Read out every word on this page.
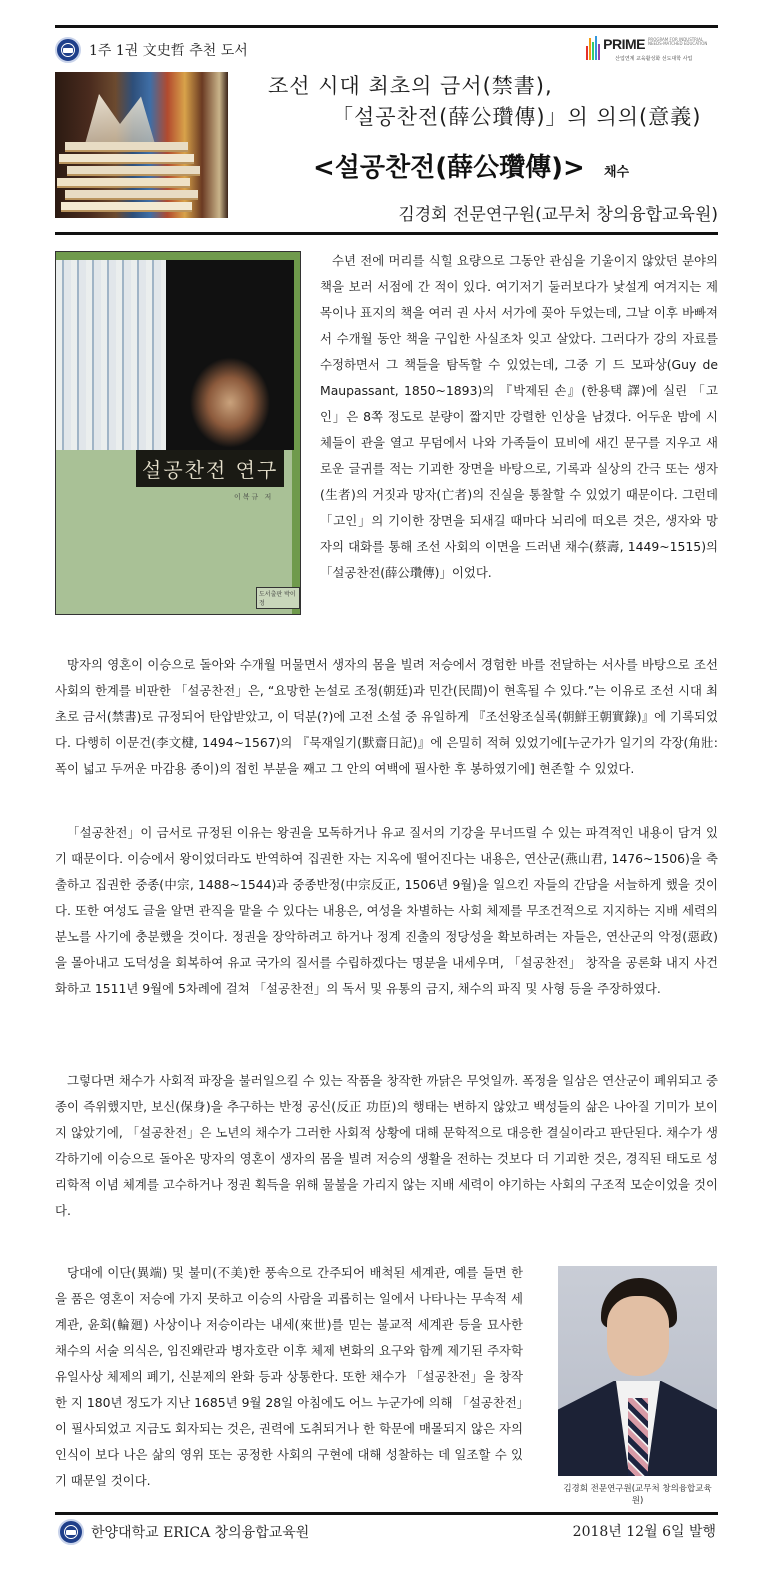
1주 1권 文史哲 추천 도서	PRIME
산업연계 교육활성화 선도대학 사업
PROGRAM FOR INDUSTRIAL NEEDS-MATCHED EDUCATION
조선 시대 최초의 금서(禁書),
「설공찬전(薛公瓚傳)」의 의의(意義)
<설공찬전(薛公瓚傳)> 채수
김경회 전문연구원(교무처 창의융합교육원)
설공찬전 연구
이복규 저
도서출판 박이정

수년 전에 머리를 식힐 요량으로 그동안 관심을 기울이지 않았던 분야의 책을 보러 서점에 간 적이 있다. 여기저기 둘러보다가 낯설게 여겨지는 제목이나 표지의 책을 여러 권 사서 서가에 꽂아 두었는데, 그날 이후 바빠져서 수개월 동안 책을 구입한 사실조차 잊고 살았다. 그러다가 강의 자료를 수정하면서 그 책들을 탐독할 수 있었는데, 그중 기 드 모파상(Guy de Maupassant, 1850~1893)의 『박제된 손』(한용택 譯)에 실린 「고인」은 8쪽 정도로 분량이 짧지만 강렬한 인상을 남겼다. 어두운 밤에 시체들이 관을 열고 무덤에서 나와 가족들이 묘비에 새긴 문구를 지우고 새로운 글귀를 적는 기괴한 장면을 바탕으로, 기록과 실상의 간극 또는 생자(生者)의 거짓과 망자(亡者)의 진실을 통찰할 수 있었기 때문이다. 그런데 「고인」의 기이한 장면을 되새길 때마다 뇌리에 떠오른 것은, 생자와 망자의 대화를 통해 조선 사회의 이면을 드러낸 채수(蔡壽, 1449~1515)의 「설공찬전(薛公瓚傳)」이었다.

망자의 영혼이 이승으로 돌아와 수개월 머물면서 생자의 몸을 빌려 저승에서 경험한 바를 전달하는 서사를 바탕으로 조선 사회의 한계를 비판한 「설공찬전」은, “요망한 논설로 조정(朝廷)과 민간(民間)이 현혹될 수 있다.”는 이유로 조선 시대 최초로 금서(禁書)로 규정되어 탄압받았고, 이 덕분(?)에 고전 소설 중 유일하게 『조선왕조실록(朝鮮王朝實錄)』에 기록되었다. 다행히 이문건(李文楗, 1494~1567)의 『묵재일기(默齋日記)』에 은밀히 적혀 있었기에[누군가가 일기의 각장(角壯: 폭이 넓고 두꺼운 마감용 종이)의 접힌 부분을 째고 그 안의 여백에 필사한 후 봉하였기에] 현존할 수 있었다.

「설공찬전」이 금서로 규정된 이유는 왕권을 모독하거나 유교 질서의 기강을 무너뜨릴 수 있는 파격적인 내용이 담겨 있기 때문이다. 이승에서 왕이었더라도 반역하여 집권한 자는 지옥에 떨어진다는 내용은, 연산군(燕山君, 1476~1506)을 축출하고 집권한 중종(中宗, 1488~1544)과 중종반정(中宗反正, 1506년 9월)을 일으킨 자들의 간담을 서늘하게 했을 것이다. 또한 여성도 글을 알면 관직을 맡을 수 있다는 내용은, 여성을 차별하는 사회 체제를 무조건적으로 지지하는 지배 세력의 분노를 사기에 충분했을 것이다. 정권을 장악하려고 하거나 정계 진출의 정당성을 확보하려는 자들은, 연산군의 악정(惡政)을 몰아내고 도덕성을 회복하여 유교 국가의 질서를 수립하겠다는 명분을 내세우며, 「설공찬전」 창작을 공론화 내지 사건화하고 1511년 9월에 5차례에 걸쳐 「설공찬전」의 독서 및 유통의 금지, 채수의 파직 및 사형 등을 주장하였다.

그렇다면 채수가 사회적 파장을 불러일으킬 수 있는 작품을 창작한 까닭은 무엇일까. 폭정을 일삼은 연산군이 폐위되고 중종이 즉위했지만, 보신(保身)을 추구하는 반정 공신(反正 功臣)의 행태는 변하지 않았고 백성들의 삶은 나아질 기미가 보이지 않았기에, 「설공찬전」은 노년의 채수가 그러한 사회적 상황에 대해 문학적으로 대응한 결실이라고 판단된다. 채수가 생각하기에 이승으로 돌아온 망자의 영혼이 생자의 몸을 빌려 저승의 생활을 전하는 것보다 더 기괴한 것은, 경직된 태도로 성리학적 이념 체계를 고수하거나 정권 획득을 위해 물불을 가리지 않는 지배 세력이 야기하는 사회의 구조적 모순이었을 것이다.

당대에 이단(異端) 및 불미(不美)한 풍속으로 간주되어 배척된 세계관, 예를 들면 한을 품은 영혼이 저승에 가지 못하고 이승의 사람을 괴롭히는 일에서 나타나는 무속적 세계관, 윤회(輪廻) 사상이나 저승이라는 내세(來世)를 믿는 불교적 세계관 등을 묘사한 채수의 서술 의식은, 임진왜란과 병자호란 이후 체제 변화의 요구와 함께 제기된 주자학 유일사상 체제의 폐기, 신분제의 완화 등과 상통한다. 또한 채수가 「설공찬전」을 창작한 지 180년 정도가 지난 1685년 9월 28일 아침에도 어느 누군가에 의해 「설공찬전」이 필사되었고 지금도 회자되는 것은, 권력에 도취되거나 한 학문에 매몰되지 않은 자의 인식이 보다 나은 삶의 영위 또는 공정한 사회의 구현에 대해 성찰하는 데 일조할 수 있기 때문일 것이다.

김경회 전문연구원(교무처 창의융합교육원)
한양대학교 ERICA 창의융합교육원	2018년 12월 6일 발행
